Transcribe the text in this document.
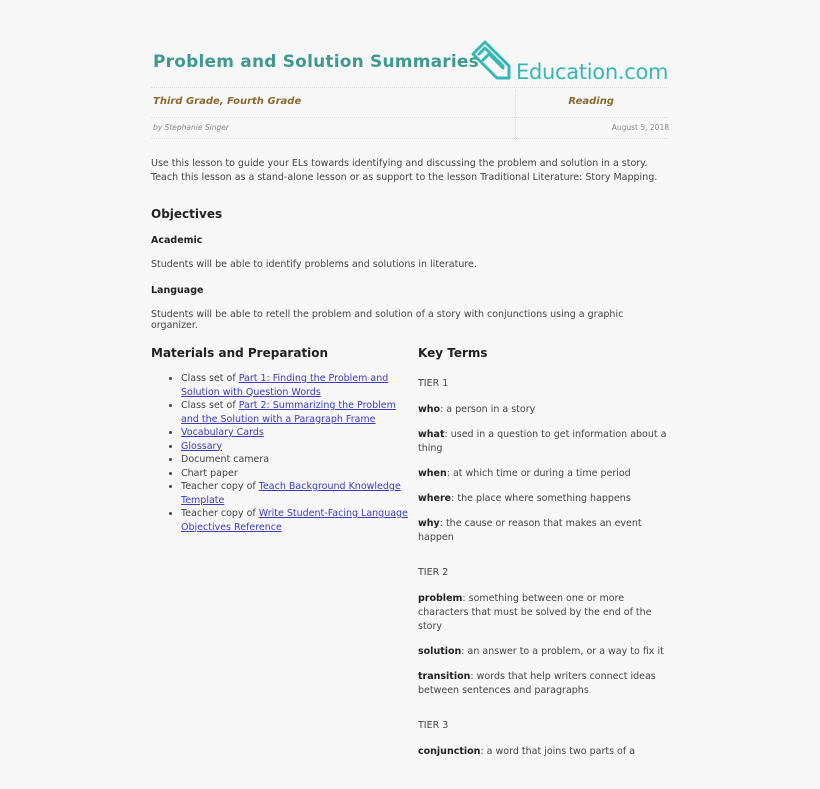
Problem and Solution Summaries Education.com
Third Grade, Fourth Grade	Reading
by Stephanie Singer	August 5, 2018
Use this lesson to guide your ELs towards identifying and discussing the problem and solution in a story. Teach this lesson as a stand-alone lesson or as support to the lesson Traditional Literature: Story Mapping.
Objectives
Academic
Students will be able to identify problems and solutions in literature.
Language
Students will be able to retell the problem and solution of a story with conjunctions using a graphic organizer.
Materials and Preparation
• Class set of Part 1: Finding the Problem and Solution with Question Words
• Class set of Part 2: Summarizing the Problem and the Solution with a Paragraph Frame
• Vocabulary Cards
• Glossary
• Document camera
• Chart paper
• Teacher copy of Teach Background Knowledge Template
• Teacher copy of Write Student-Facing Language Objectives Reference
Key Terms
TIER 1
who: a person in a story
what: used in a question to get information about a thing
when: at which time or during a time period
where: the place where something happens
why: the cause or reason that makes an event happen
TIER 2
problem: something between one or more characters that must be solved by the end of the story
solution: an answer to a problem, or a way to fix it
transition: words that help writers connect ideas between sentences and paragraphs
TIER 3
conjunction: a word that joins two parts of a
